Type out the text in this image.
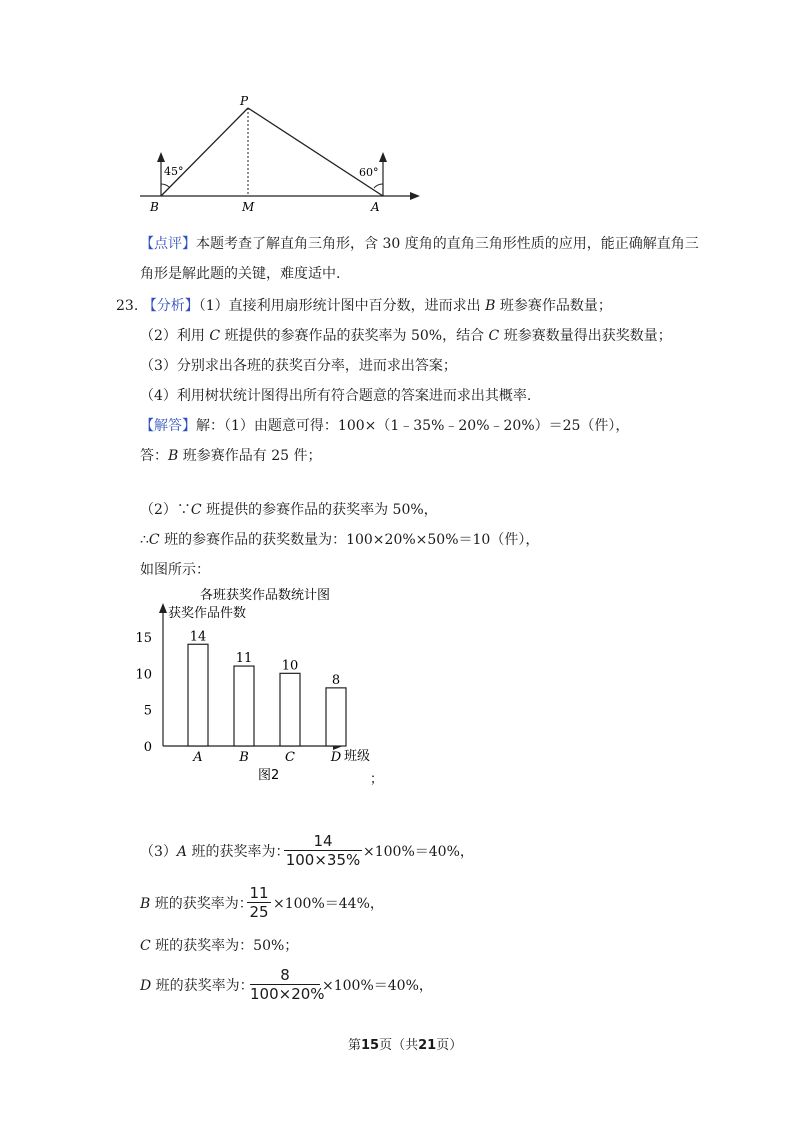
P
B	M	A
45°	60°
【点评】本题考查了解直角三角形，含 30 度角的直角三角形性质的应用，能正确解直角三
角形是解此题的关键，难度适中.
23. 【分析】（1）直接利用扇形统计图中百分数，进而求出 B 班参赛作品数量；
（2）利用 C 班提供的参赛作品的获奖率为 50%，结合 C 班参赛数量得出获奖数量；
（3）分别求出各班的获奖百分率，进而求出答案；
（4）利用树状统计图得出所有符合题意的答案进而求出其概率.
【解答】解：（1）由题意可得：100×（1﹣35%﹣20%﹣20%）＝25（件），
答：B 班参赛作品有 25 件；
（2）∵C 班提供的参赛作品的获奖率为 50%，
∴C 班的参赛作品的获奖数量为：100×20%×50%＝10（件），
如图所示：
各班获奖作品数统计图
获奖作品件数
班级
图2	；
0
5
10
15	14
A
11
B
10
C
8
D
（3）A 班的获奖率为：
14
100×35% ×100%＝40%，
B 班的获奖率为：
11
25 ×100%＝44%，
C 班的获奖率为：50%；
D 班的获奖率为：
8
100×20%
×100%＝40%，
第15页（共21页）
